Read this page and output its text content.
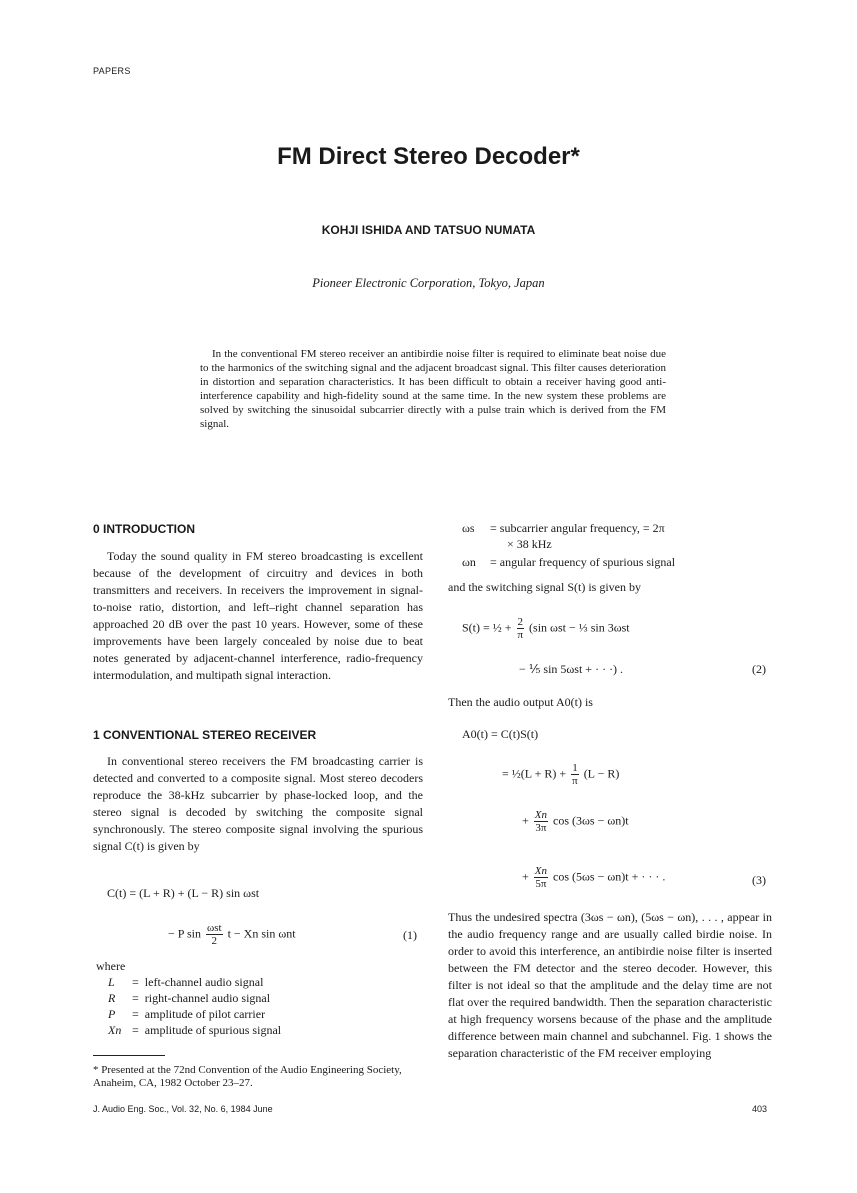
PAPERS
FM Direct Stereo Decoder*
KOHJI ISHIDA AND TATSUO NUMATA
Pioneer Electronic Corporation, Tokyo, Japan
In the conventional FM stereo receiver an antibirdie noise filter is required to eliminate beat noise due to the harmonics of the switching signal and the adjacent broadcast signal. This filter causes deterioration in distortion and separation characteristics. It has been difficult to obtain a receiver having good anti-interference capability and high-fidelity sound at the same time. In the new system these problems are solved by switching the sinusoidal subcarrier directly with a pulse train which is derived from the FM signal.
0 INTRODUCTION

Today the sound quality in FM stereo broadcasting is excellent because of the development of circuitry and devices in both transmitters and receivers. In receivers the improvement in signal-to-noise ratio, distortion, and left–right channel separation has approached 20 dB over the past 10 years. However, some of these improvements have been largely concealed by noise due to beat notes generated by adjacent-channel interference, radio-frequency intermodulation, and multipath signal interaction.

1 CONVENTIONAL STEREO RECEIVER

In conventional stereo receivers the FM broadcasting carrier is detected and converted to a composite signal. Most stereo decoders reproduce the 38-kHz subcarrier by phase-locked loop, and the stereo signal is decoded by switching the composite signal synchronously. The stereo composite signal involving the spurious signal C(t) is given by

C(t) = (L + R) + (L − R) sin ωst
− P $\sin \frac{\text{ωst}}{2}$ t − Xn sin ωnt	(1)
where
L	=	left-channel audio signal
R	=	right-channel audio signal
P	=	amplitude of pilot carrier
Xn	=	amplitude of spurious signal
* Presented at the 72nd Convention of the Audio Engineering Society, Anaheim, CA, 1982 October 23–27.
ωs = subcarrier angular frequency, = 2π
× 38 kHz
ωn = angular frequency of spurious signal
and the switching signal S(t) is given by
S(t) = ½ + $\frac{2}{\pi} (\sin$ ωst − ⅓ sin 3ωst
− ⅕ sin 5ωst + · · ·) .	(2)
Then the audio output A0(t) is
A0(t) = C(t)S(t)
= ½(L + $R) + \frac{1}{\pi} (L - R)$
+ $\frac{Xn}{3\pi}$ cos (3ωs − ωn)t
+ $\frac{Xn}{5\pi}$ cos (5ωs − ωn)t + · · · .	(3)

Thus the undesired spectra (3ωs − ωn), (5ωs − ωn), . . . , appear in the audio frequency range and are usually called birdie noise. In order to avoid this interference, an antibirdie noise filter is inserted between the FM detector and the stereo decoder. However, this filter is not ideal so that the amplitude and the delay time are not flat over the required bandwidth. Then the separation characteristic at high frequency worsens because of the phase and the amplitude difference between main channel and subchannel. Fig. 1 shows the separation characteristic of the FM receiver employing

J. Audio Eng. Soc., Vol. 32, No. 6, 1984 June	403
